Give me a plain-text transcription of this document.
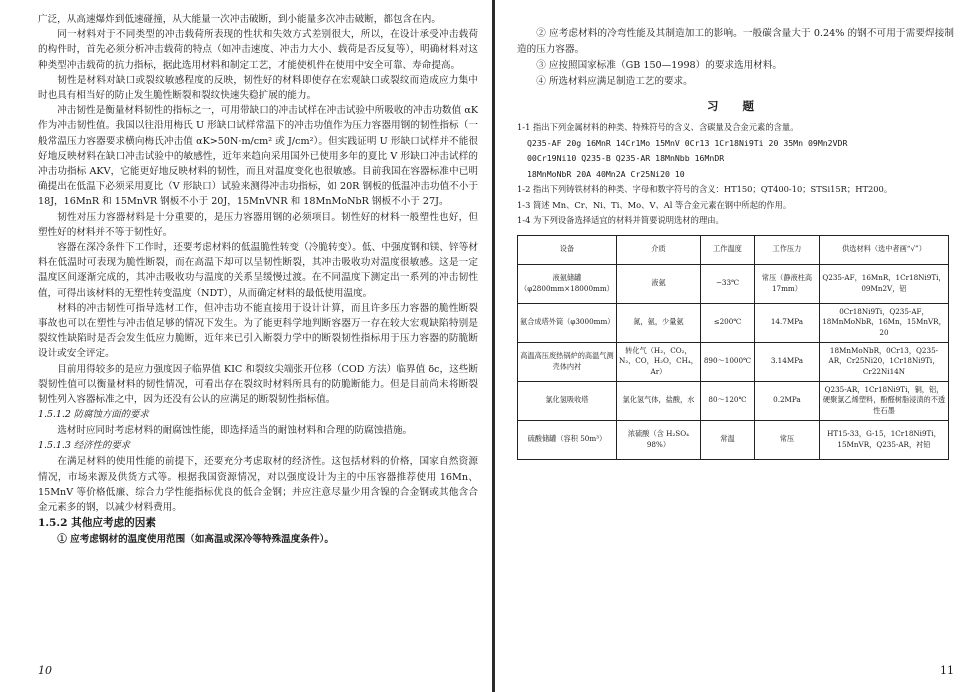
广泛，从高速爆炸到低速碰撞，从大能量一次冲击破断，到小能量多次冲击破断，都包含在内。

同一材料对于不同类型的冲击载荷所表现的性状和失效方式差别很大，所以，在设计承受冲击载荷的构件时，首先必须分析冲击载荷的特点（如冲击速度、冲击力大小、载荷是否反复等），明确材料对这种类型冲击载荷的抗力指标，据此选用材料和制定工艺，才能使机件在使用中安全可靠、寿命提高。

韧性是材料对缺口或裂纹敏感程度的反映，韧性好的材料即使存在宏观缺口或裂纹而造成应力集中时也具有相当好的防止发生脆性断裂和裂纹快速失稳扩展的能力。

冲击韧性是衡量材料韧性的指标之一，可用带缺口的冲击试样在冲击试验中所吸收的冲击功数值 αK 作为冲击韧性值。我国以往沿用梅氏 U 形缺口试样常温下的冲击功值作为压力容器用钢的韧性指标（一般常温压力容器要求横向梅氏冲击值 αK>50N·m/cm² 或 J/cm²）。但实践证明 U 形缺口试样并不能很好地反映材料在缺口冲击试验中的敏感性，近年来趋向采用国外已使用多年的夏比 V 形缺口冲击试样的冲击功指标 AKV，它能更好地反映材料的韧性，而且对温度变化也很敏感。目前我国在容器标准中已明确提出在低温下必须采用夏比（V 形缺口）试验来测得冲击功指标，如 20R 钢板的低温冲击功值不小于 18J，16MnR 和 15MnVR 钢板不小于 20J，15MnVNR 和 18MnMoNbR 钢板不小于 27J。

韧性对压力容器材料是十分重要的，是压力容器用钢的必须项目。韧性好的材料一般塑性也好，但塑性好的材料并不等于韧性好。

容器在深冷条件下工作时，还要考虑材料的低温脆性转变（冷脆转变）。低、中强度钢和镁、锌等材料在低温时可表现为脆性断裂，而在高温下却可以呈韧性断裂，其冲击吸收功对温度很敏感。这是一定温度区间逐渐完成的，其冲击吸收功与温度的关系呈缓慢过渡。在不同温度下测定出一系列的冲击韧性值，可得出该材料的无塑性转变温度（NDT），从而确定材料的最低使用温度。

材料的冲击韧性可指导选材工作，但冲击功不能直接用于设计计算，而且许多压力容器的脆性断裂事故也可以在塑性与冲击值足够的情况下发生。为了能更科学地判断容器万一存在较大宏观缺陷特别是裂纹性缺陷时是否会发生低应力脆断，近年来已引入断裂力学中的断裂韧性指标用于压力容器的防脆断设计或安全评定。

目前用得较多的是应力强度因子临界值 KIC 和裂纹尖端张开位移（COD 方法）临界值 δc，这些断裂韧性值可以衡量材料的韧性情况，可看出存在裂纹时材料所具有的防脆断能力。但是目前尚未将断裂韧性列入容器标准之中，因为还没有公认的应满足的断裂韧性指标值。

1.5.1.2 防腐蚀方面的要求

选材时应同时考虑材料的耐腐蚀性能，即选择适当的耐蚀材料和合理的防腐蚀措施。

1.5.1.3 经济性的要求

在满足材料的使用性能的前提下，还要充分考虑取材的经济性。这包括材料的价格，国家自然资源情况，市场来源及供货方式等。根据我国资源情况，对以强度设计为主的中压容器推荐使用 16Mn、15MnV 等价格低廉、综合力学性能指标优良的低合金钢；并应注意尽量少用含镍的合金钢或其他含合金元素多的钢，以减少材料费用。

1.5.2 其他应考虑的因素

① 应考虑钢材的温度使用范围（如高温或深冷等特殊温度条件）。

10

② 应考虑材料的冷弯性能及其制造加工的影响。一般碳含量大于 0.24% 的钢不可用于需要焊接制造的压力容器。

③ 应按照国家标准（GB 150—1998）的要求选用材料。

④ 所选材料应满足制造工艺的要求。

习 题
1-1 指出下列金属材料的种类、特殊符号的含义、含碳量及合金元素的含量。
Q235-AF 20g 16MnR 14Cr1Mo 15MnV 0Cr13 1Cr18Ni9Ti 20 35Mn 09Mn2VDR
00Cr19Ni10 Q235-B Q235-AR 18MnNbb 16MnDR
18MnMoNbR 20A 40Mn2A Cr25Ni20 10
1-2 指出下列铸铁材料的种类、字母和数字符号的含义：HT150；QT400-10；STSi15R；HT200。
1-3 简述 Mn、Cr、Ni、Ti、Mo、V、Al 等合金元素在钢中所起的作用。
1-4 为下列设备选择适宜的材料并简要说明选材的理由。
设备	介质	工作温度	工作压力	供选材料（选中者画“√”）
液氨储罐（φ2800mm×18000mm）	液氨	−33℃	常压（静液柱高 17mm）	Q235-AF，16MnR，1Cr18Ni9Ti，09Mn2V，铝
氨合成塔外筒（φ3000mm）	氮，氨，少量氨	≤200℃	14.7MPa	0Cr18Ni9Ti，Q235-AF，18MnMoNbR，16Mn，15MnVR，20
高温高压废热锅炉的高温气测壳体内衬	转化气（H₂，CO₂，N₂，CO，H₂O，CH₄，Ar）	890～1000℃	3.14MPa	18MnMoNbR，0Cr13，Q235-AR，Cr25Ni20，1Cr18Ni9Ti，Cr22Ni14N
氯化氢吸收塔	氯化氢气体，盐酸，水	80～120℃	0.2MPa	Q235-AR，1Cr18Ni9Ti，铜，铝，硬聚氯乙烯塑料，酚醛树脂浸渍的不透性石墨
硫酸储罐（容积 50m³）	浓硫酸（含 H₂SO₄ 98%）	常温	常压	HT15-33，G-15，1Cr18Ni9Ti，15MnVR，Q235-AR，衬铅
11
